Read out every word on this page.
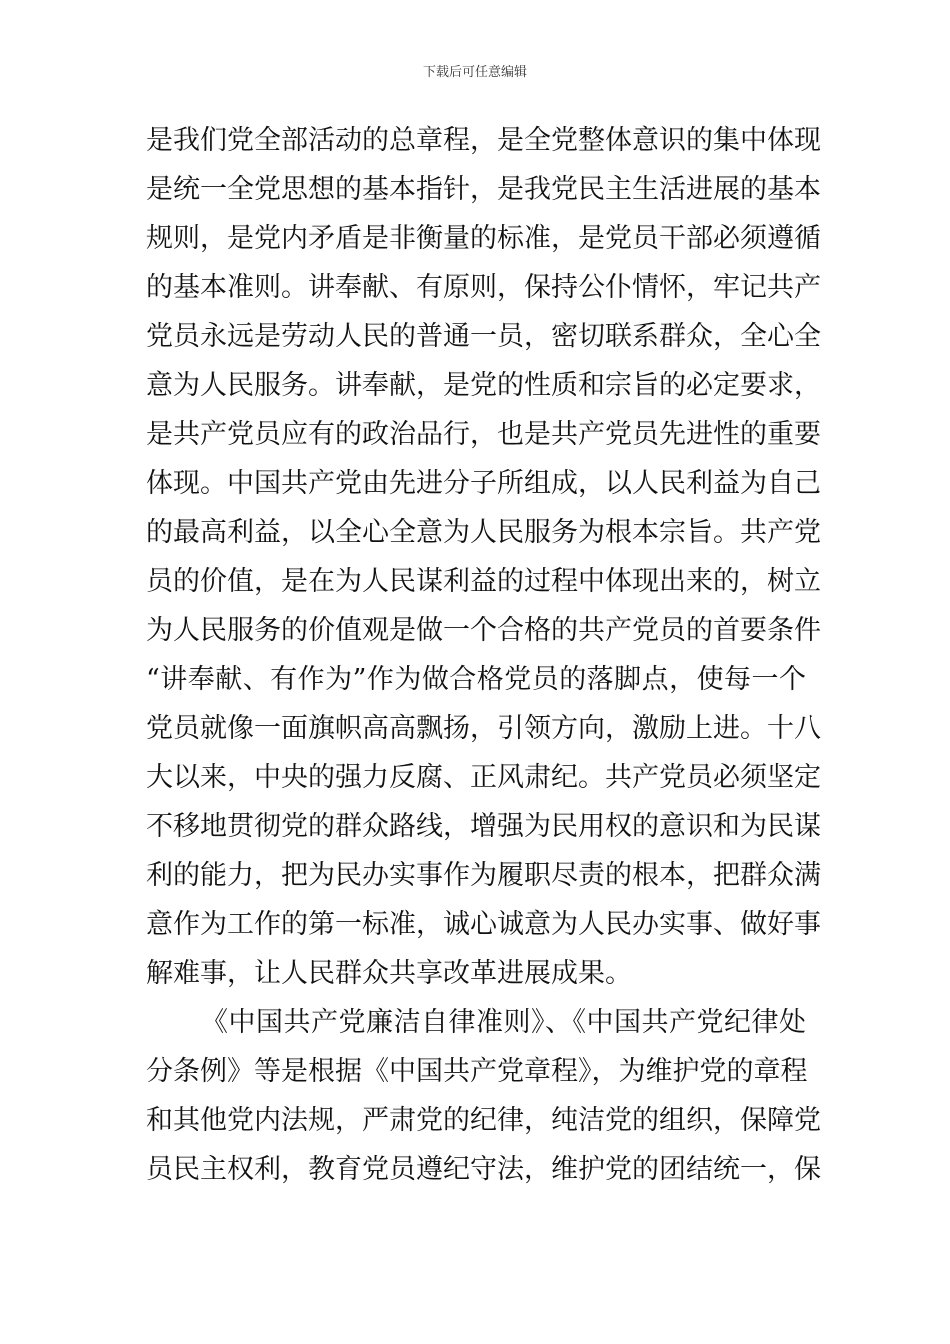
下载后可任意编辑
是我们党全部活动的总章程，是全党整体意识的集中体现
是统一全党思想的基本指针，是我党民主生活进展的基本
规则，是党内矛盾是非衡量的标准，是党员干部必须遵循
的基本准则。讲奉献、有原则，保持公仆情怀，牢记共产
党员永远是劳动人民的普通一员，密切联系群众，全心全
意为人民服务。讲奉献，是党的性质和宗旨的必定要求，
是共产党员应有的政治品行，也是共产党员先进性的重要
体现。中国共产党由先进分子所组成，以人民利益为自己
的最高利益，以全心全意为人民服务为根本宗旨。共产党
员的价值，是在为人民谋利益的过程中体现出来的，树立
为人民服务的价值观是做一个合格的共产党员的首要条件
“讲奉献、有作为”作为做合格党员的落脚点，使每一个
党员就像一面旗帜高高飘扬，引领方向，激励上进。十八
大以来，中央的强力反腐、正风肃纪。共产党员必须坚定
不移地贯彻党的群众路线，增强为民用权的意识和为民谋
利的能力，把为民办实事作为履职尽责的根本，把群众满
意作为工作的第一标准，诚心诚意为人民办实事、做好事
解难事，让人民群众共享改革进展成果。
《中国共产党廉洁自律准则》、《中国共产党纪律处
分条例》等是根据《中国共产党章程》，为维护党的章程
和其他党内法规，严肃党的纪律，纯洁党的组织，保障党
员民主权利，教育党员遵纪守法，维护党的团结统一，保
